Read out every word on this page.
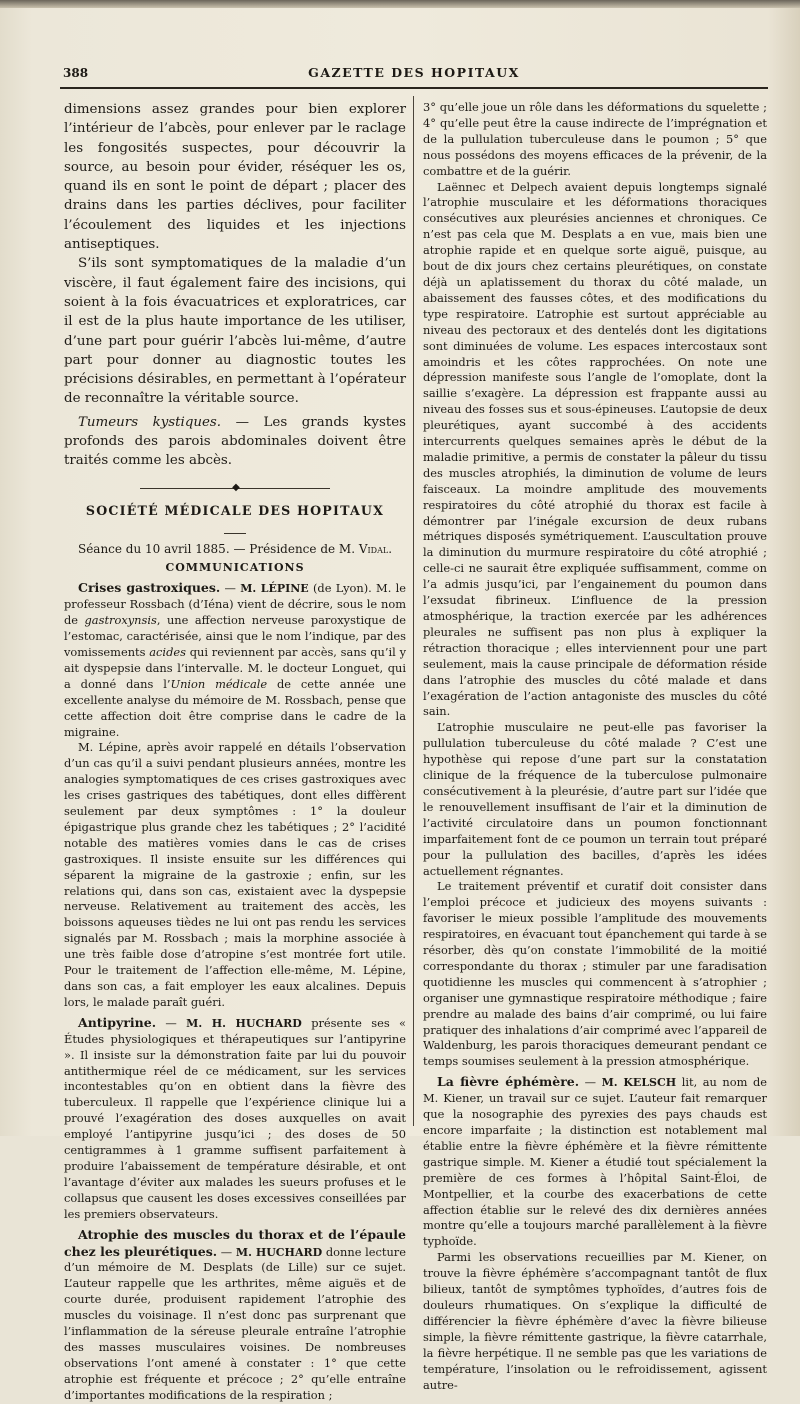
388	GAZETTE DES HOPITAUX

dimensions assez grandes pour bien explorer l’intérieur de l’abcès, pour enlever par le raclage les fongosités suspectes, pour découvrir la source, au besoin pour évider, réséquer les os, quand ils en sont le point de départ ; placer des drains dans les parties déclives, pour faciliter l’écoulement des liquides et les injections antiseptiques.

S’ils sont symptomatiques de la maladie d’un viscère, il faut également faire des incisions, qui soient à la fois évacuatrices et exploratrices, car il est de la plus haute importance de les utiliser, d’une part pour guérir l’abcès lui-même, d’autre part pour donner au diagnostic toutes les précisions désirables, en permettant à l’opérateur de reconnaître la véritable source.

Tumeurs kystiques. — Les grands kystes profonds des parois abdominales doivent être traités comme les abcès.

◆
SOCIÉTÉ MÉDICALE DES HOPITAUX
Séance du 10 avril 1885. — Présidence de M. Vidal.
COMMUNICATIONS

Crises gastroxiques. — M. LÉPINE (de Lyon). M. le professeur Rossbach (d’Iéna) vient de décrire, sous le nom de gastroxynsis, une affection nerveuse paroxystique de l’estomac, caractérisée, ainsi que le nom l’indique, par des vomissements acides qui reviennent par accès, sans qu’il y ait dyspepsie dans l’intervalle. M. le docteur Longuet, qui a donné dans l’Union médicale de cette année une excellente analyse du mémoire de M. Rossbach, pense que cette affection doit être comprise dans le cadre de la migraine.

M. Lépine, après avoir rappelé en détails l’observation d’un cas qu’il a suivi pendant plusieurs années, montre les analogies symptomatiques de ces crises gastroxiques avec les crises gastriques des tabétiques, dont elles diffèrent seulement par deux symptômes : 1° la douleur épigastrique plus grande chez les tabétiques ; 2° l’acidité notable des matières vomies dans le cas de crises gastroxiques. Il insiste ensuite sur les différences qui séparent la migraine de la gastroxie ; enfin, sur les relations qui, dans son cas, existaient avec la dyspepsie nerveuse. Relativement au traitement des accès, les boissons aqueuses tièdes ne lui ont pas rendu les services signalés par M. Rossbach ; mais la morphine associée à une très faible dose d’atropine s’est montrée fort utile. Pour le traitement de l’affection elle-même, M. Lépine, dans son cas, a fait employer les eaux alcalines. Depuis lors, le malade paraît guéri.

Antipyrine. — M. H. HUCHARD présente ses « Études physiologiques et thérapeutiques sur l’antipyrine ». Il insiste sur la démonstration faite par lui du pouvoir antithermique réel de ce médicament, sur les services incontestables qu’on en obtient dans la fièvre des tuberculeux. Il rappelle que l’expérience clinique lui a prouvé l’exagération des doses auxquelles on avait employé l’antipyrine jusqu’ici ; des doses de 50 centigrammes à 1 gramme suffisent parfaitement à produire l’abaissement de température désirable, et ont l’avantage d’éviter aux malades les sueurs profuses et le collapsus que causent les doses excessives conseillées par les premiers observateurs.

Atrophie des muscles du thorax et de l’épaule chez les pleurétiques. — M. HUCHARD donne lecture d’un mémoire de M. Desplats (de Lille) sur ce sujet. L’auteur rappelle que les arthrites, même aiguës et de courte durée, produisent rapidement l’atrophie des muscles du voisinage. Il n’est donc pas surprenant que l’inflammation de la séreuse pleurale entraîne l’atrophie des masses musculaires voisines. De nombreuses observations l’ont amené à constater : 1° que cette atrophie est fréquente et précoce ; 2° qu’elle entraîne d’importantes modifications de la respiration ;

3° qu’elle joue un rôle dans les déformations du squelette ; 4° qu’elle peut être la cause indirecte de l’imprégnation et de la pullulation tuberculeuse dans le poumon ; 5° que nous possédons des moyens efficaces de la prévenir, de la combattre et de la guérir.

Laënnec et Delpech avaient depuis longtemps signalé l’atrophie musculaire et les déformations thoraciques consécutives aux pleurésies anciennes et chroniques. Ce n’est pas cela que M. Desplats a en vue, mais bien une atrophie rapide et en quelque sorte aiguë, puisque, au bout de dix jours chez certains pleurétiques, on constate déjà un aplatissement du thorax du côté malade, un abaissement des fausses côtes, et des modifications du type respiratoire. L’atrophie est surtout appréciable au niveau des pectoraux et des dentelés dont les digitations sont diminuées de volume. Les espaces intercostaux sont amoindris et les côtes rapprochées. On note une dépression manifeste sous l’angle de l’omoplate, dont la saillie s’exagère. La dépression est frappante aussi au niveau des fosses sus et sous-épineuses. L’autopsie de deux pleurétiques, ayant succombé à des accidents intercurrents quelques semaines après le début de la maladie primitive, a permis de constater la pâleur du tissu des muscles atrophiés, la diminution de volume de leurs faisceaux. La moindre amplitude des mouvements respiratoires du côté atrophié du thorax est facile à démontrer par l’inégale excursion de deux rubans métriques disposés symétriquement. L’auscultation prouve la diminution du murmure respiratoire du côté atrophié ; celle-ci ne saurait être expliquée suffisamment, comme on l’a admis jusqu’ici, par l’engainement du poumon dans l’exsudat fibrineux. L’influence de la pression atmosphérique, la traction exercée par les adhérences pleurales ne suffisent pas non plus à expliquer la rétraction thoracique ; elles interviennent pour une part seulement, mais la cause principale de déformation réside dans l’atrophie des muscles du côté malade et dans l’exagération de l’action antagoniste des muscles du côté sain.

L’atrophie musculaire ne peut-elle pas favoriser la pullulation tuberculeuse du côté malade ? C’est une hypothèse qui repose d’une part sur la constatation clinique de la fréquence de la tuberculose pulmonaire consécutivement à la pleurésie, d’autre part sur l’idée que le renouvellement insuffisant de l’air et la diminution de l’activité circulatoire dans un poumon fonctionnant imparfaitement font de ce poumon un terrain tout préparé pour la pullulation des bacilles, d’après les idées actuellement régnantes.

Le traitement préventif et curatif doit consister dans l’emploi précoce et judicieux des moyens suivants : favoriser le mieux possible l’amplitude des mouvements respiratoires, en évacuant tout épanchement qui tarde à se résorber, dès qu’on constate l’immobilité de la moitié correspondante du thorax ; stimuler par une faradisation quotidienne les muscles qui commencent à s’atrophier ; organiser une gymnastique respiratoire méthodique ; faire prendre au malade des bains d’air comprimé, ou lui faire pratiquer des inhalations d’air comprimé avec l’appareil de Waldenburg, les parois thoraciques demeurant pendant ce temps soumises seulement à la pression atmosphérique.

La fièvre éphémère. — M. KELSCH lit, au nom de M. Kiener, un travail sur ce sujet. L’auteur fait remarquer que la nosographie des pyrexies des pays chauds est encore imparfaite ; la distinction est notablement mal établie entre la fièvre éphémère et la fièvre rémittente gastrique simple. M. Kiener a étudié tout spécialement la première de ces formes à l’hôpital Saint-Éloi, de Montpellier, et la courbe des exacerbations de cette affection établie sur le relevé des dix dernières années montre qu’elle a toujours marché parallèlement à la fièvre typhoïde.

Parmi les observations recueillies par M. Kiener, on trouve la fièvre éphémère s’accompagnant tantôt de flux bilieux, tantôt de symptômes typhoïdes, d’autres fois de douleurs rhumatiques. On s’explique la difficulté de différencier la fièvre éphémère d’avec la fièvre bilieuse simple, la fièvre rémittente gastrique, la fièvre catarrhale, la fièvre herpétique. Il ne semble pas que les variations de température, l’insolation ou le refroidissement, agissent autre-
